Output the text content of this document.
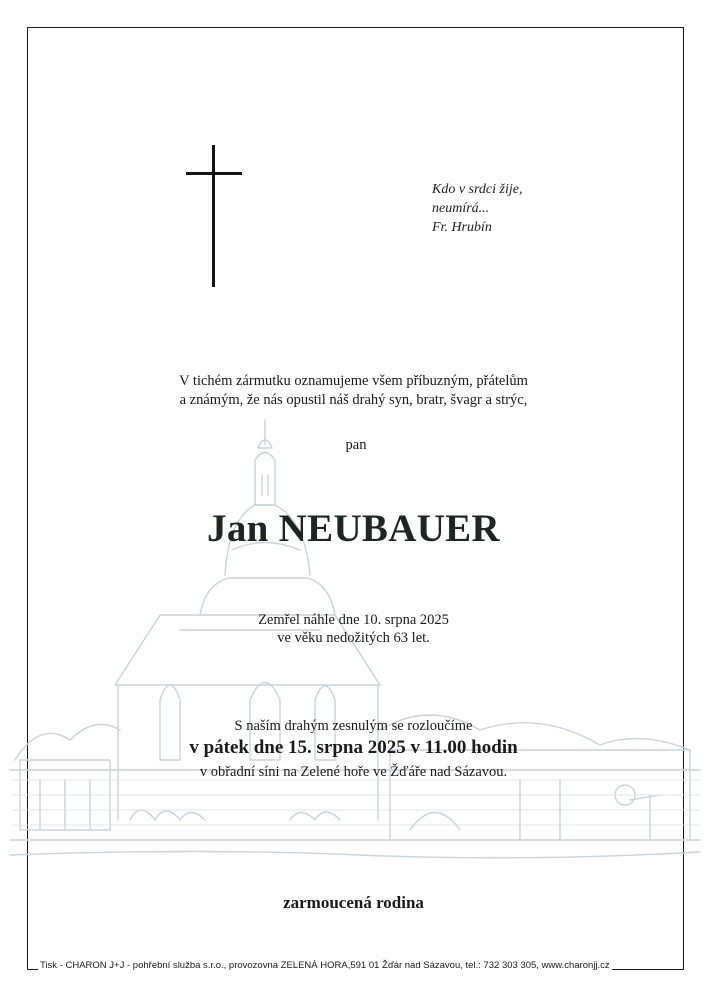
Kdo v srdci žije,
neumírá...
Fr. Hrubín
V tichém zármutku oznamujeme všem příbuzným, přátelům
a známým, že nás opustil náš drahý syn, bratr, švagr a strýc,
pan
Jan NEUBAUER
Zemřel náhle dne 10. srpna 2025
ve věku nedožitých 63 let.
S naším drahým zesnulým se rozloučíme
v pátek dne 15. srpna 2025 v 11.00 hodin
v obřadní síni na Zelené hoře ve Žďáře nad Sázavou.
zarmoucená rodina
Tisk - CHARON J+J - pohřební služba s.r.o., provozovna ZELENÁ HORA,591 01 Žďár nad Sázavou, tel.: 732 303 305, www.charonjj.cz
